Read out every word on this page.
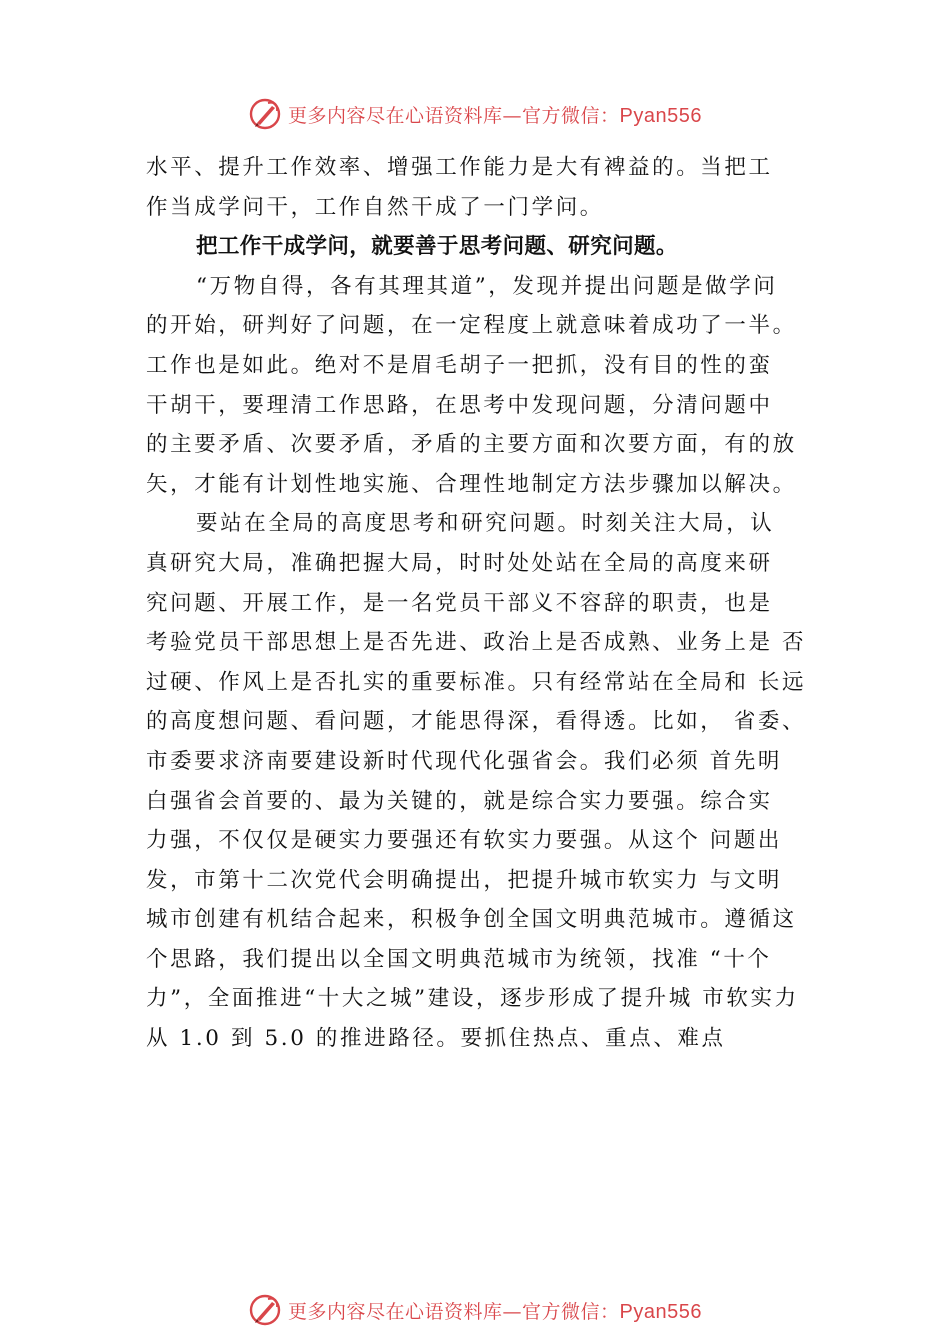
更多内容尽在心语资料库—官方微信：Pyan556
水平、提升工作效率、增强工作能力是大有裨益的。当把工
作当成学问干，工作自然干成了一门学问。
把工作干成学问，就要善于思考问题、研究问题。
“万物自得，各有其理其道”，发现并提出问题是做学问
的开始，研判好了问题，在一定程度上就意味着成功了一半。
工作也是如此。绝对不是眉毛胡子一把抓，没有目的性的蛮
干胡干，要理清工作思路，在思考中发现问题，分清问题中
的主要矛盾、次要矛盾，矛盾的主要方面和次要方面，有的放
矢，才能有计划性地实施、合理性地制定方法步骤加以解决。
要站在全局的高度思考和研究问题。时刻关注大局，认
真研究大局，准确把握大局，时时处处站在全局的高度来研
究问题、开展工作，是一名党员干部义不容辞的职责，也是
考验党员干部思想上是否先进、政治上是否成熟、业务上是 否
过硬、作风上是否扎实的重要标准。只有经常站在全局和 长远
的高度想问题、看问题，才能思得深，看得透。比如， 省委、
市委要求济南要建设新时代现代化强省会。我们必须 首先明
白强省会首要的、最为关键的，就是综合实力要强。综合实
力强，不仅仅是硬实力要强还有软实力要强。从这个 问题出
发，市第十二次党代会明确提出，把提升城市软实力 与文明
城市创建有机结合起来，积极争创全国文明典范城市。遵循这
个思路，我们提出以全国文明典范城市为统领，找准 “十个
力”，全面推进“十大之城”建设，逐步形成了提升城 市软实力
从 1.0 到 5.0 的推进路径。要抓住热点、重点、难点
更多内容尽在心语资料库—官方微信：Pyan556
